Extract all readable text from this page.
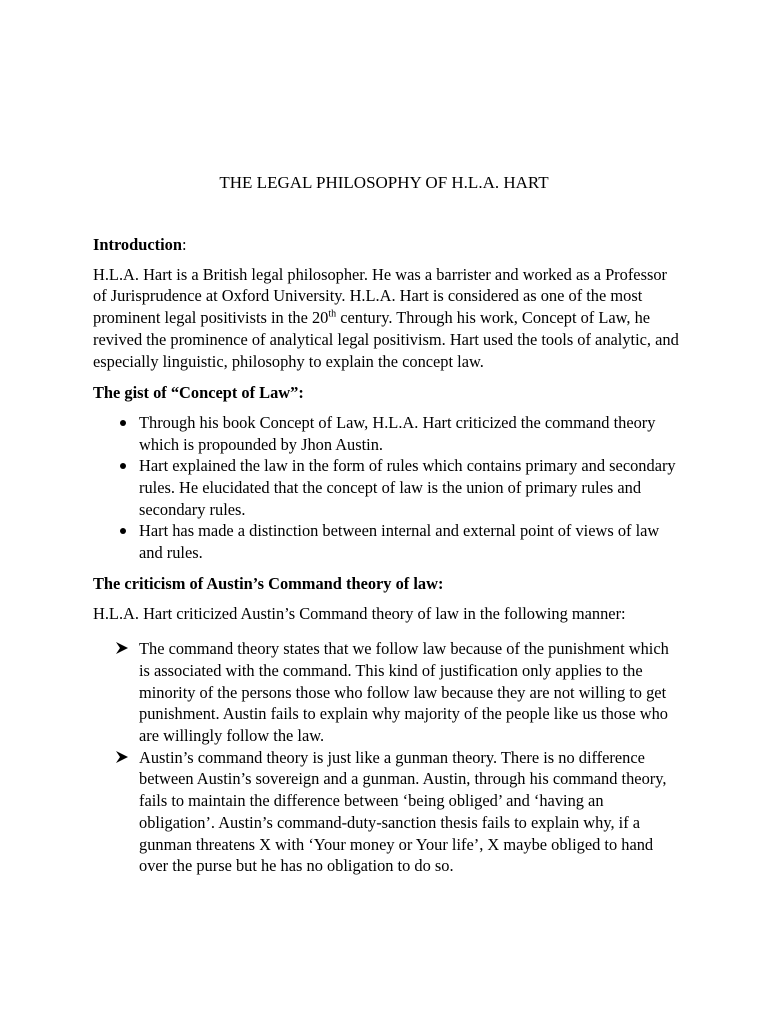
THE LEGAL PHILOSOPHY OF H.L.A. HART
Introduction:

H.L.A. Hart is a British legal philosopher. He was a barrister and worked as a Professor of Jurisprudence at Oxford University. H.L.A. Hart is considered as one of the most prominent legal positivists in the 20th century. Through his work, Concept of Law, he revived the prominence of analytical legal positivism. Hart used the tools of analytic, and especially linguistic, philosophy to explain the concept law.

The gist of “Concept of Law”:
Through his book Concept of Law, H.L.A. Hart criticized the command theory which is propounded by Jhon Austin.
Hart explained the law in the form of rules which contains primary and secondary rules. He elucidated that the concept of law is the union of primary rules and secondary rules.
Hart has made a distinction between internal and external point of views of law and rules.
The criticism of Austin’s Command theory of law:

H.L.A. Hart criticized Austin’s Command theory of law in the following manner:

The command theory states that we follow law because of the punishment which is associated with the command. This kind of justification only applies to the minority of the persons those who follow law because they are not willing to get punishment. Austin fails to explain why majority of the people like us those who are willingly follow the law.
Austin’s command theory is just like a gunman theory. There is no difference between Austin’s sovereign and a gunman. Austin, through his command theory, fails to maintain the difference between ‘being obliged’ and ‘having an obligation’. Austin’s command-duty-sanction thesis fails to explain why, if a gunman threatens X with ‘Your money or Your life’, X maybe obliged to hand over the purse but he has no obligation to do so.
